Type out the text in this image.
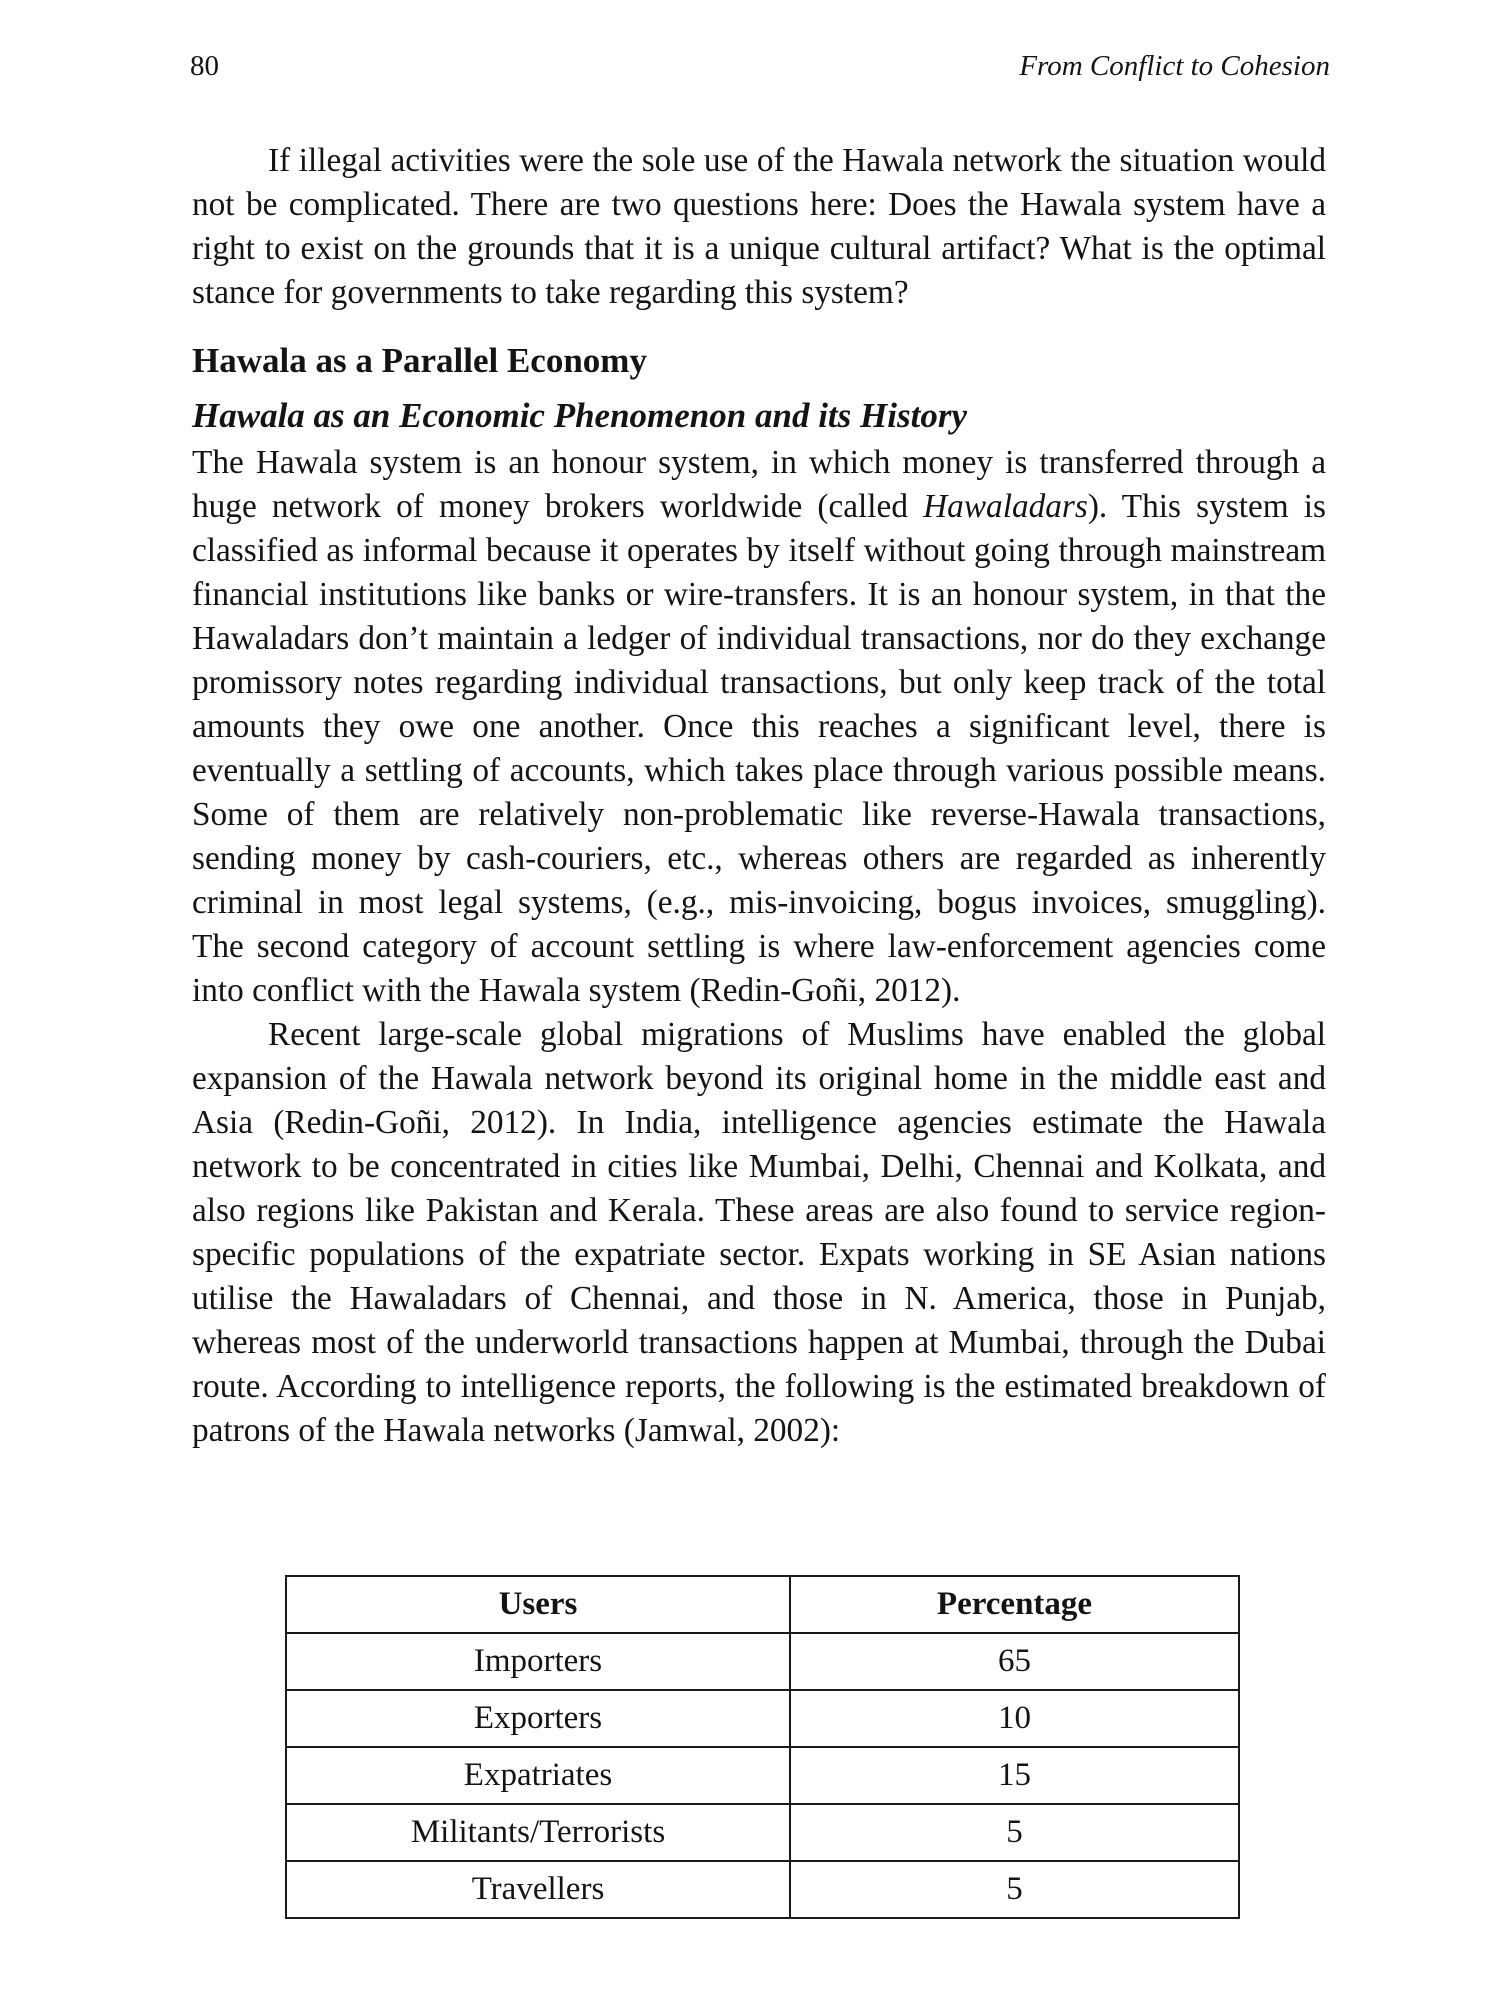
80	From Conflict to Cohesion

If illegal activities were the sole use of the Hawala network the situation would not be complicated. There are two questions here: Does the Hawala system have a right to exist on the grounds that it is a unique cultural artifact? What is the optimal stance for governments to take regarding this system?

Hawala as a Parallel Economy
Hawala as an Economic Phenomenon and its History

The Hawala system is an honour system, in which money is transferred through a huge network of money brokers worldwide (called Hawaladars). This system is classified as informal because it operates by itself without going through mainstream financial institutions like banks or wire-transfers. It is an honour system, in that the Hawaladars don’t maintain a ledger of individual transactions, nor do they exchange promissory notes regarding individual transactions, but only keep track of the total amounts they owe one another. Once this reaches a significant level, there is eventually a settling of accounts, which takes place through various possible means. Some of them are relatively non-problematic like reverse-Hawala transactions, sending money by cash-couriers, etc., whereas others are regarded as inherently criminal in most legal systems, (e.g., mis-invoicing, bogus invoices, smuggling). The second category of account settling is where law-enforcement agencies come into conflict with the Hawala system (Redin-Goñi, 2012).

Recent large-scale global migrations of Muslims have enabled the global expansion of the Hawala network beyond its original home in the middle east and Asia (Redin-Goñi, 2012). In India, intelligence agencies estimate the Hawala network to be concentrated in cities like Mumbai, Delhi, Chennai and Kolkata, and also regions like Pakistan and Kerala. These areas are also found to service region-specific populations of the expatriate sector. Expats working in SE Asian nations utilise the Hawaladars of Chennai, and those in N. America, those in Punjab, whereas most of the underworld transactions happen at Mumbai, through the Dubai route. According to intelligence reports, the following is the estimated breakdown of patrons of the Hawala networks (Jamwal, 2002):

Users	Percentage
Importers	65
Exporters	10
Expatriates	15
Militants/Terrorists	5
Travellers	5
